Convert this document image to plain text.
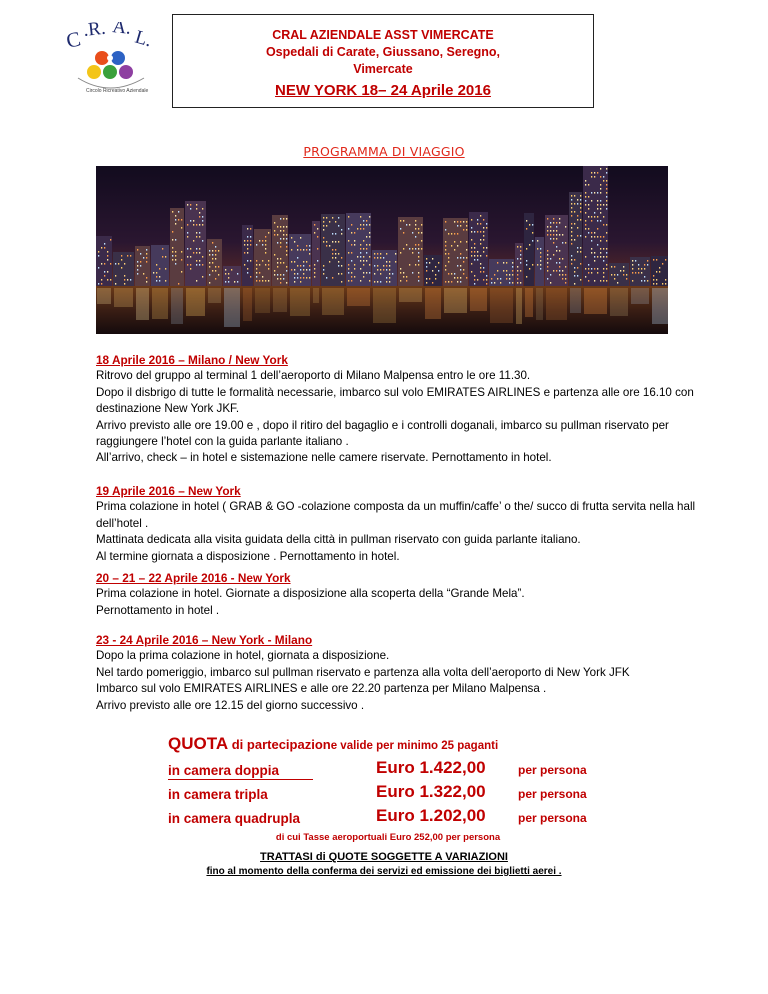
C .R. A. L.
Circolo Ricreativo Aziendale
CRAL AZIENDALE ASST VIMERCATE
Ospedali di Carate, Giussano, Seregno,
Vimercate
NEW YORK 18– 24 Aprile 2016
PROGRAMMA DI VIAGGIO
18 Aprile 2016 – Milano / New York

Ritrovo del gruppo al terminal 1 dell’aeroporto di Milano Malpensa entro le ore 11.30.

Dopo il disbrigo di tutte le formalità necessarie, imbarco sul volo EMIRATES AIRLINES e partenza alle ore 16.10 con destinazione New York JKF.

Arrivo previsto alle ore 19.00 e , dopo il ritiro del bagaglio e i controlli doganali, imbarco su pullman riservato per raggiungere l’hotel con la guida parlante italiano .

All’arrivo, check – in hotel e sistemazione nelle camere riservate. Pernottamento in hotel.

19 Aprile 2016 – New York

Prima colazione in hotel ( GRAB & GO -colazione composta da un muffin/caffe’ o the/ succo di frutta servita nella hall dell’hotel .

Mattinata dedicata alla visita guidata della città in pullman riservato con guida parlante italiano.

Al termine giornata a disposizione . Pernottamento in hotel.

20 – 21 – 22 Aprile 2016 - New York

Prima colazione in hotel. Giornate a disposizione alla scoperta della “Grande Mela”.

Pernottamento in hotel .

23 - 24 Aprile 2016 – New York - Milano

Dopo la prima colazione in hotel, giornata a disposizione.

Nel tardo pomeriggio, imbarco sul pullman riservato e partenza alla volta dell’aeroporto di New York JFK

Imbarco sul volo EMIRATES AIRLINES e alle ore 22.20 partenza per Milano Malpensa .

Arrivo previsto alle ore 12.15 del giorno successivo .

QUOTA di partecipazione valide per minimo 25 paganti
in camera doppia	Euro 1.422,00	per persona
in camera tripla	Euro 1.322,00	per persona
in camera quadrupla	Euro 1.202,00	per persona
di cui Tasse aeroportuali Euro 252,00 per persona
TRATTASI di QUOTE SOGGETTE A VARIAZIONI
fino al momento della conferma dei servizi ed emissione dei biglietti aerei .
